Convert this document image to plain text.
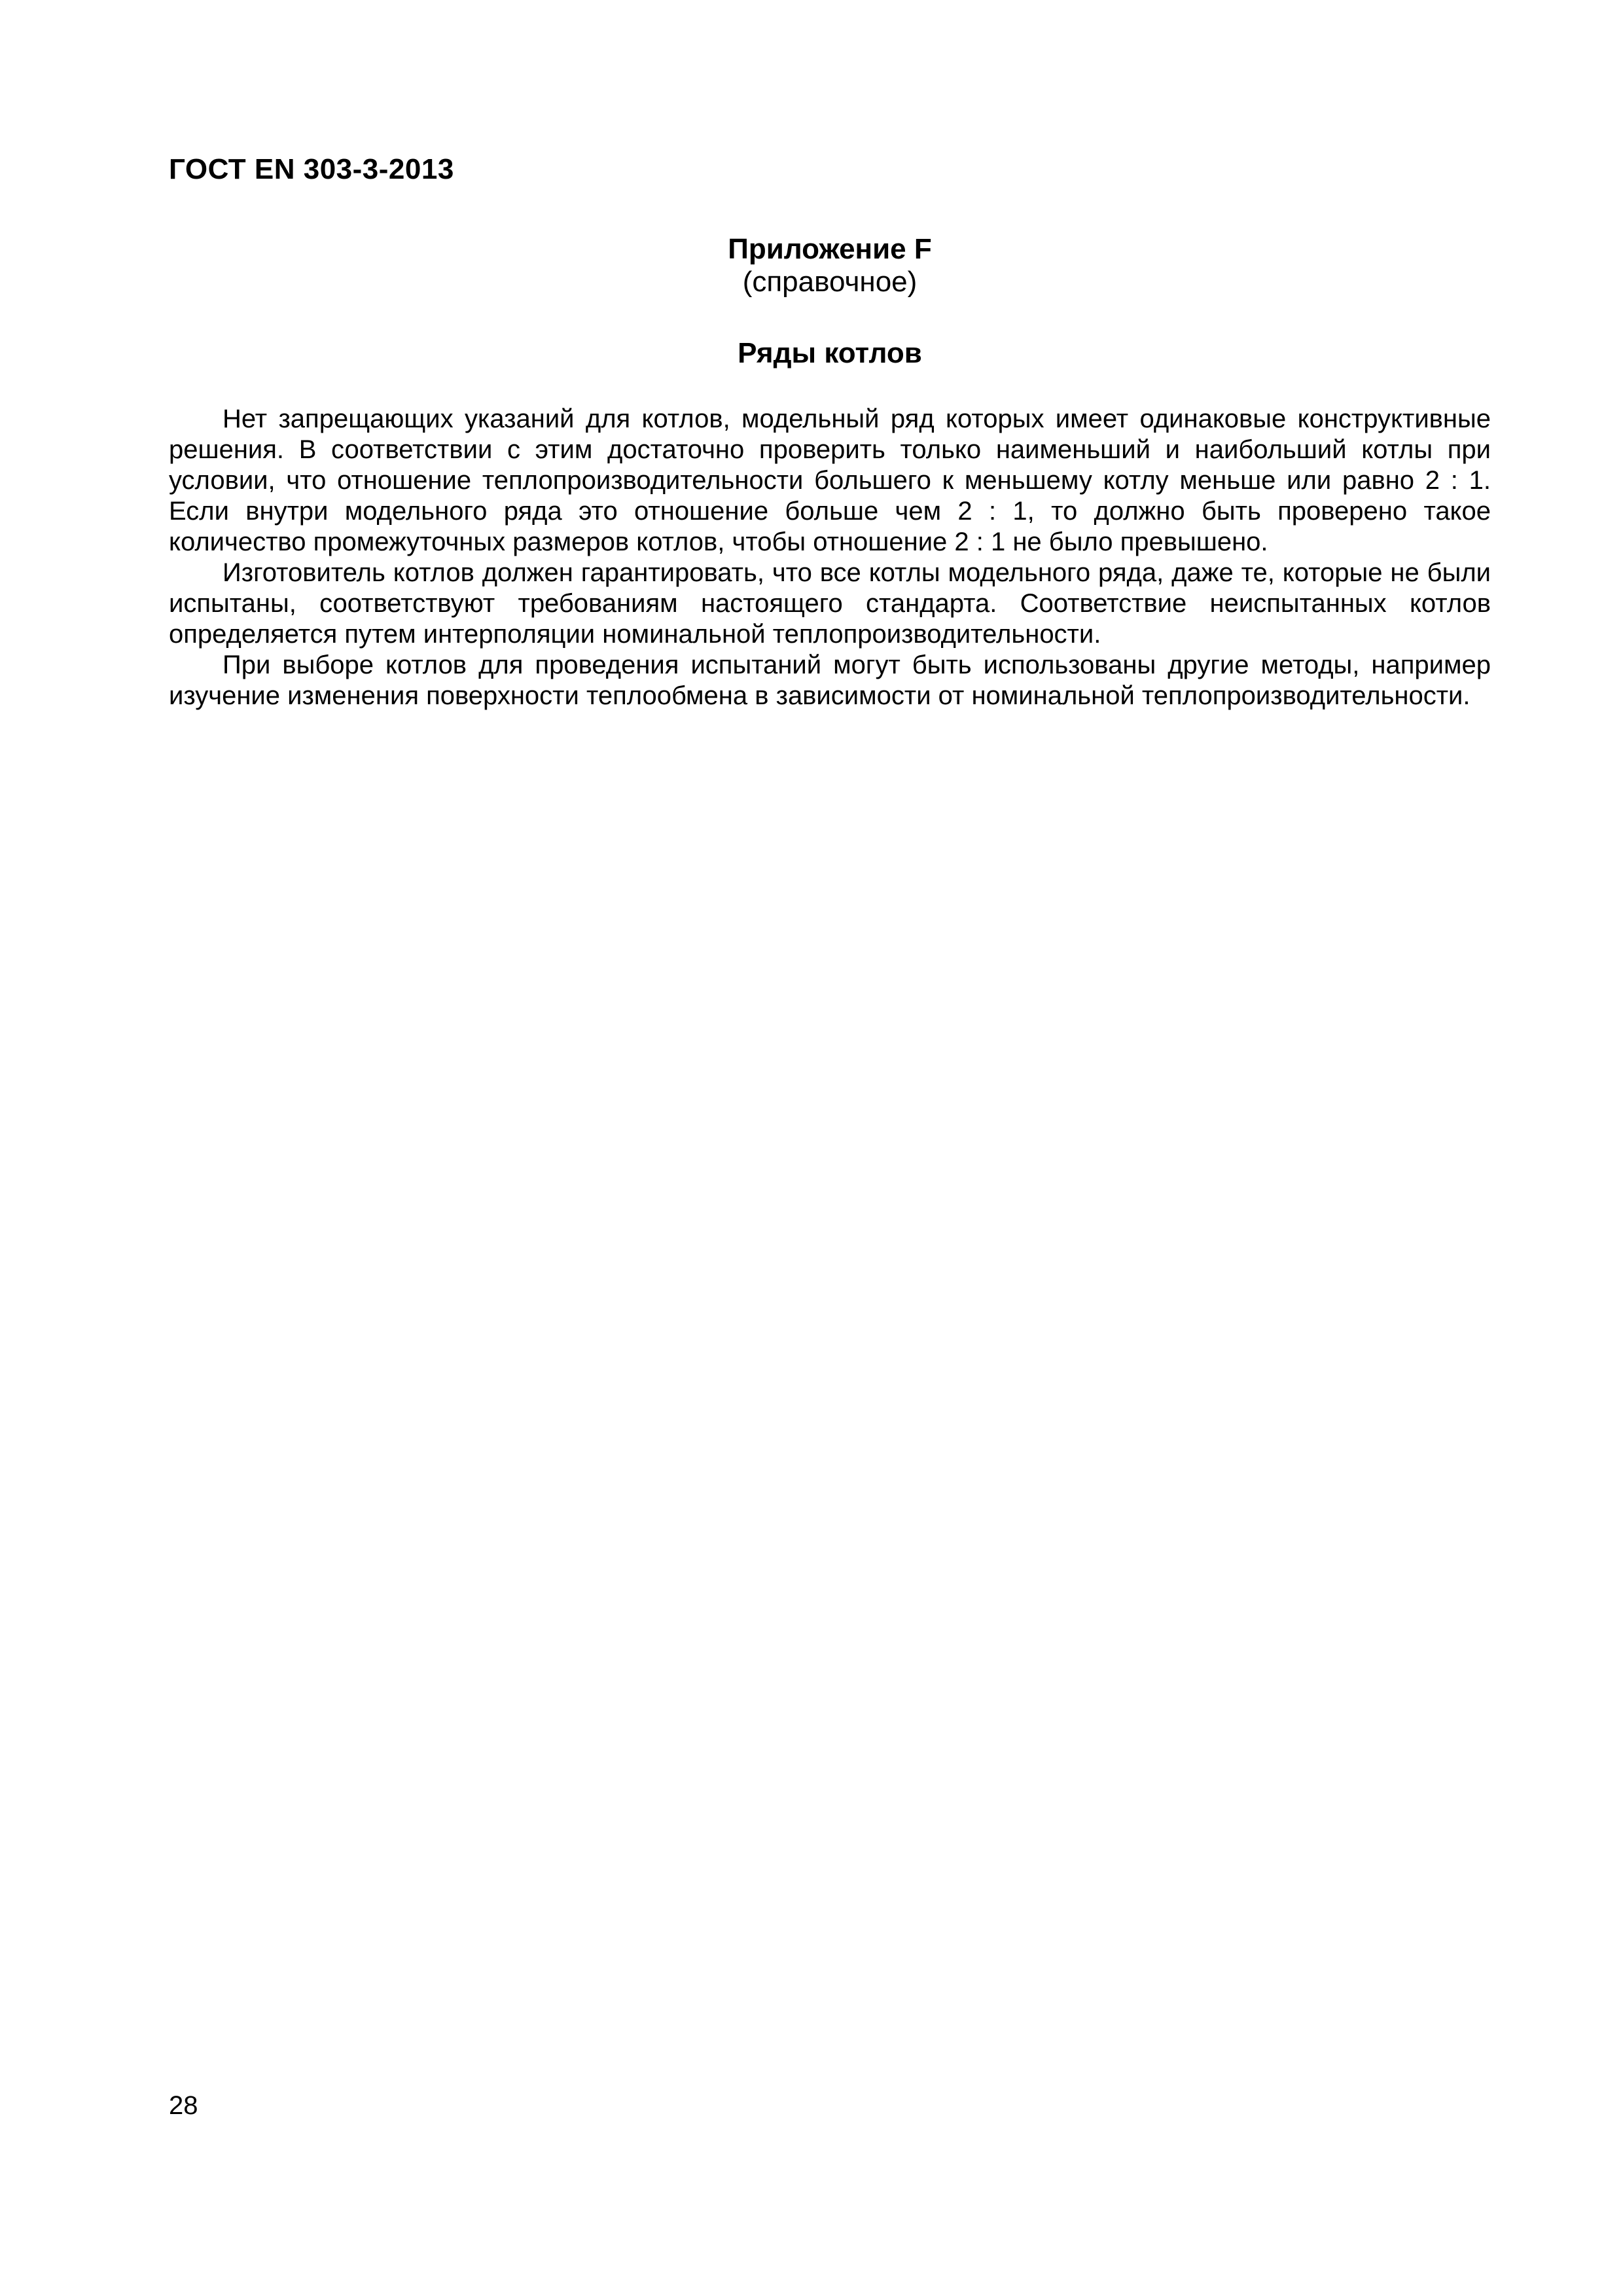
ГОСТ EN 303-3-2013
Приложение F
(справочное)
Ряды котлов

Нет запрещающих указаний для котлов, модельный ряд которых имеет одинаковые конструктивные решения. В соответствии с этим достаточно проверить только наименьший и наибольший котлы при условии, что отношение теплопроизводительности большего к меньшему котлу меньше или равно 2 : 1. Если внутри модельного ряда это отношение больше чем 2 : 1, то должно быть проверено такое количество промежуточных размеров котлов, чтобы отношение 2 : 1 не было превышено.

Изготовитель котлов должен гарантировать, что все котлы модельного ряда, даже те, которые не были испытаны, соответствуют требованиям настоящего стандарта. Соответствие неиспытанных котлов определяется путем интерполяции номинальной теплопроизводительности.

При выборе котлов для проведения испытаний могут быть использованы другие методы, например изучение изменения поверхности теплообмена в зависимости от номинальной теплопроизводительности.

28
